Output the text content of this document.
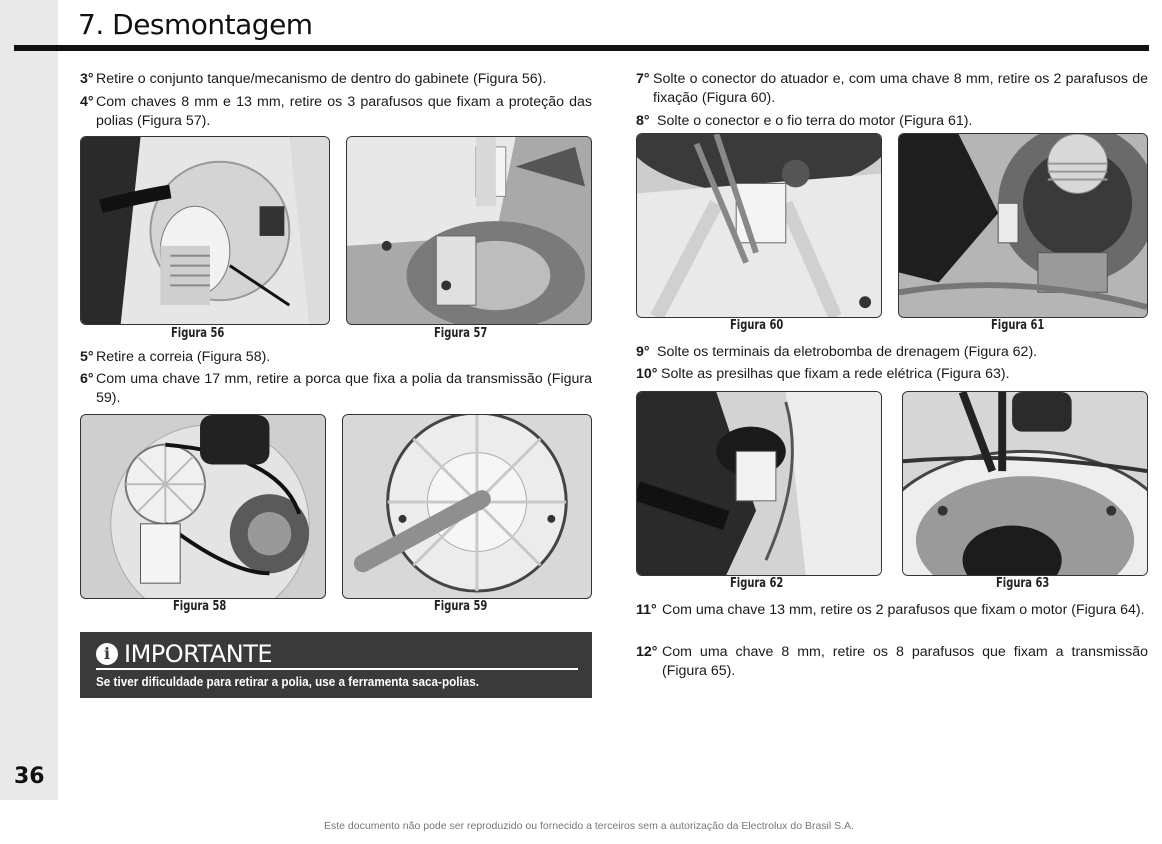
36
7. Desmontagem
3° Retire o conjunto tanque/mecanismo de dentro do gabinete (Figura 56).
4° Com chaves 8 mm e 13 mm, retire os 3 parafusos que fixam a proteção das polias (Figura 57).
Figura 56	Figura 57
5° Retire a correia (Figura 58).
6° Com uma chave 17 mm, retire a porca que fixa a polia da transmissão (Figura 59).
Figura 58	Figura 59
i IMPORTANTE
Se tiver dificuldade para retirar a polia, use a ferramenta saca-polias.
7° Solte o conector do atuador e, com uma chave 8 mm, retire os 2 parafusos de fixação (Figura 60).
8° Solte o conector e o fio terra do motor (Figura 61).
Figura 60	Figura 61
9° Solte os terminais da eletrobomba de drenagem (Figura 62).
10° Solte as presilhas que fixam a rede elétrica (Figura 63).
Figura 62	Figura 63
11° Com uma chave 13 mm, retire os 2 parafusos que fixam o motor (Figura 64).
12° Com uma chave 8 mm, retire os 8 parafusos que fixam a transmissão (Figura 65).
Este documento não pode ser reproduzido ou fornecido a terceiros sem a autorização da Electrolux do Brasil S.A.
